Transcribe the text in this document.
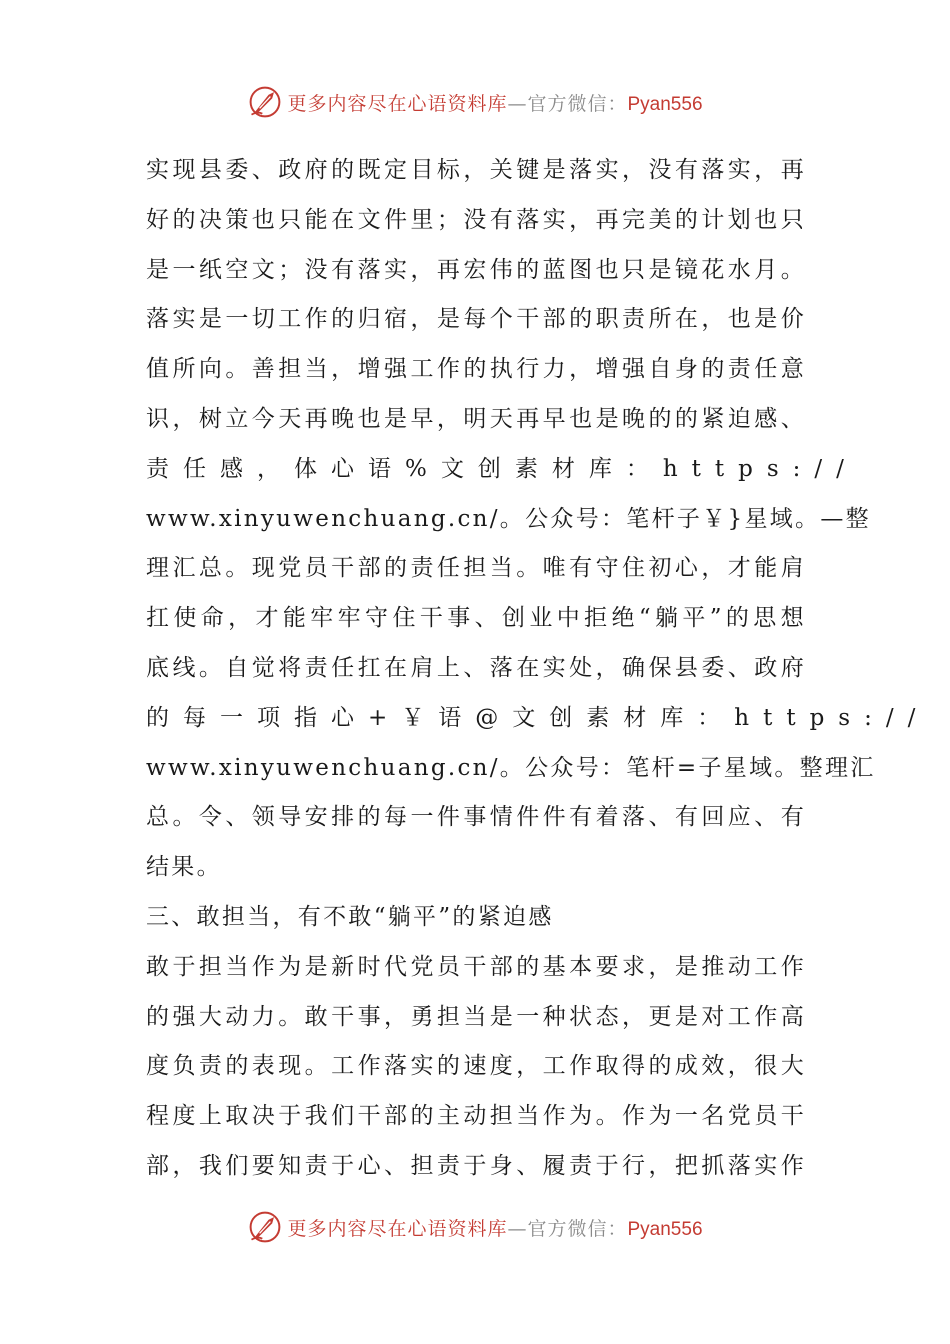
更多内容尽在心语资料库—官方微信：Pyan556
实现县委、政府的既定目标，关键是落实，没有落实，再
好的决策也只能在文件里；没有落实，再完美的计划也只
是一纸空文；没有落实，再宏伟的蓝图也只是镜花水月。
落实是一切工作的归宿，是每个干部的职责所在，也是价
值所向。善担当，增强工作的执行力，增强自身的责任意
识，树立今天再晚也是早，明天再早也是晚的的紧迫感、
责任感，体心语%文创素材库：https://
www.xinyuwenchuang.cn/。公众号：笔杆子￥}星域。—整
理汇总。现党员干部的责任担当。唯有守住初心，才能肩
扛使命，才能牢牢守住干事、创业中拒绝“躺平”的思想
底线。自觉将责任扛在肩上、落在实处，确保县委、政府
的每一项指心+￥语@文创素材库：https://
www.xinyuwenchuang.cn/。公众号：笔杆=子星域。整理汇
总。令、领导安排的每一件事情件件有着落、有回应、有
结果。
三、敢担当，有不敢“躺平”的紧迫感
敢于担当作为是新时代党员干部的基本要求，是推动工作
的强大动力。敢干事，勇担当是一种状态，更是对工作高
度负责的表现。工作落实的速度，工作取得的成效，很大
程度上取决于我们干部的主动担当作为。作为一名党员干
部，我们要知责于心、担责于身、履责于行，把抓落实作
更多内容尽在心语资料库—官方微信：Pyan556
